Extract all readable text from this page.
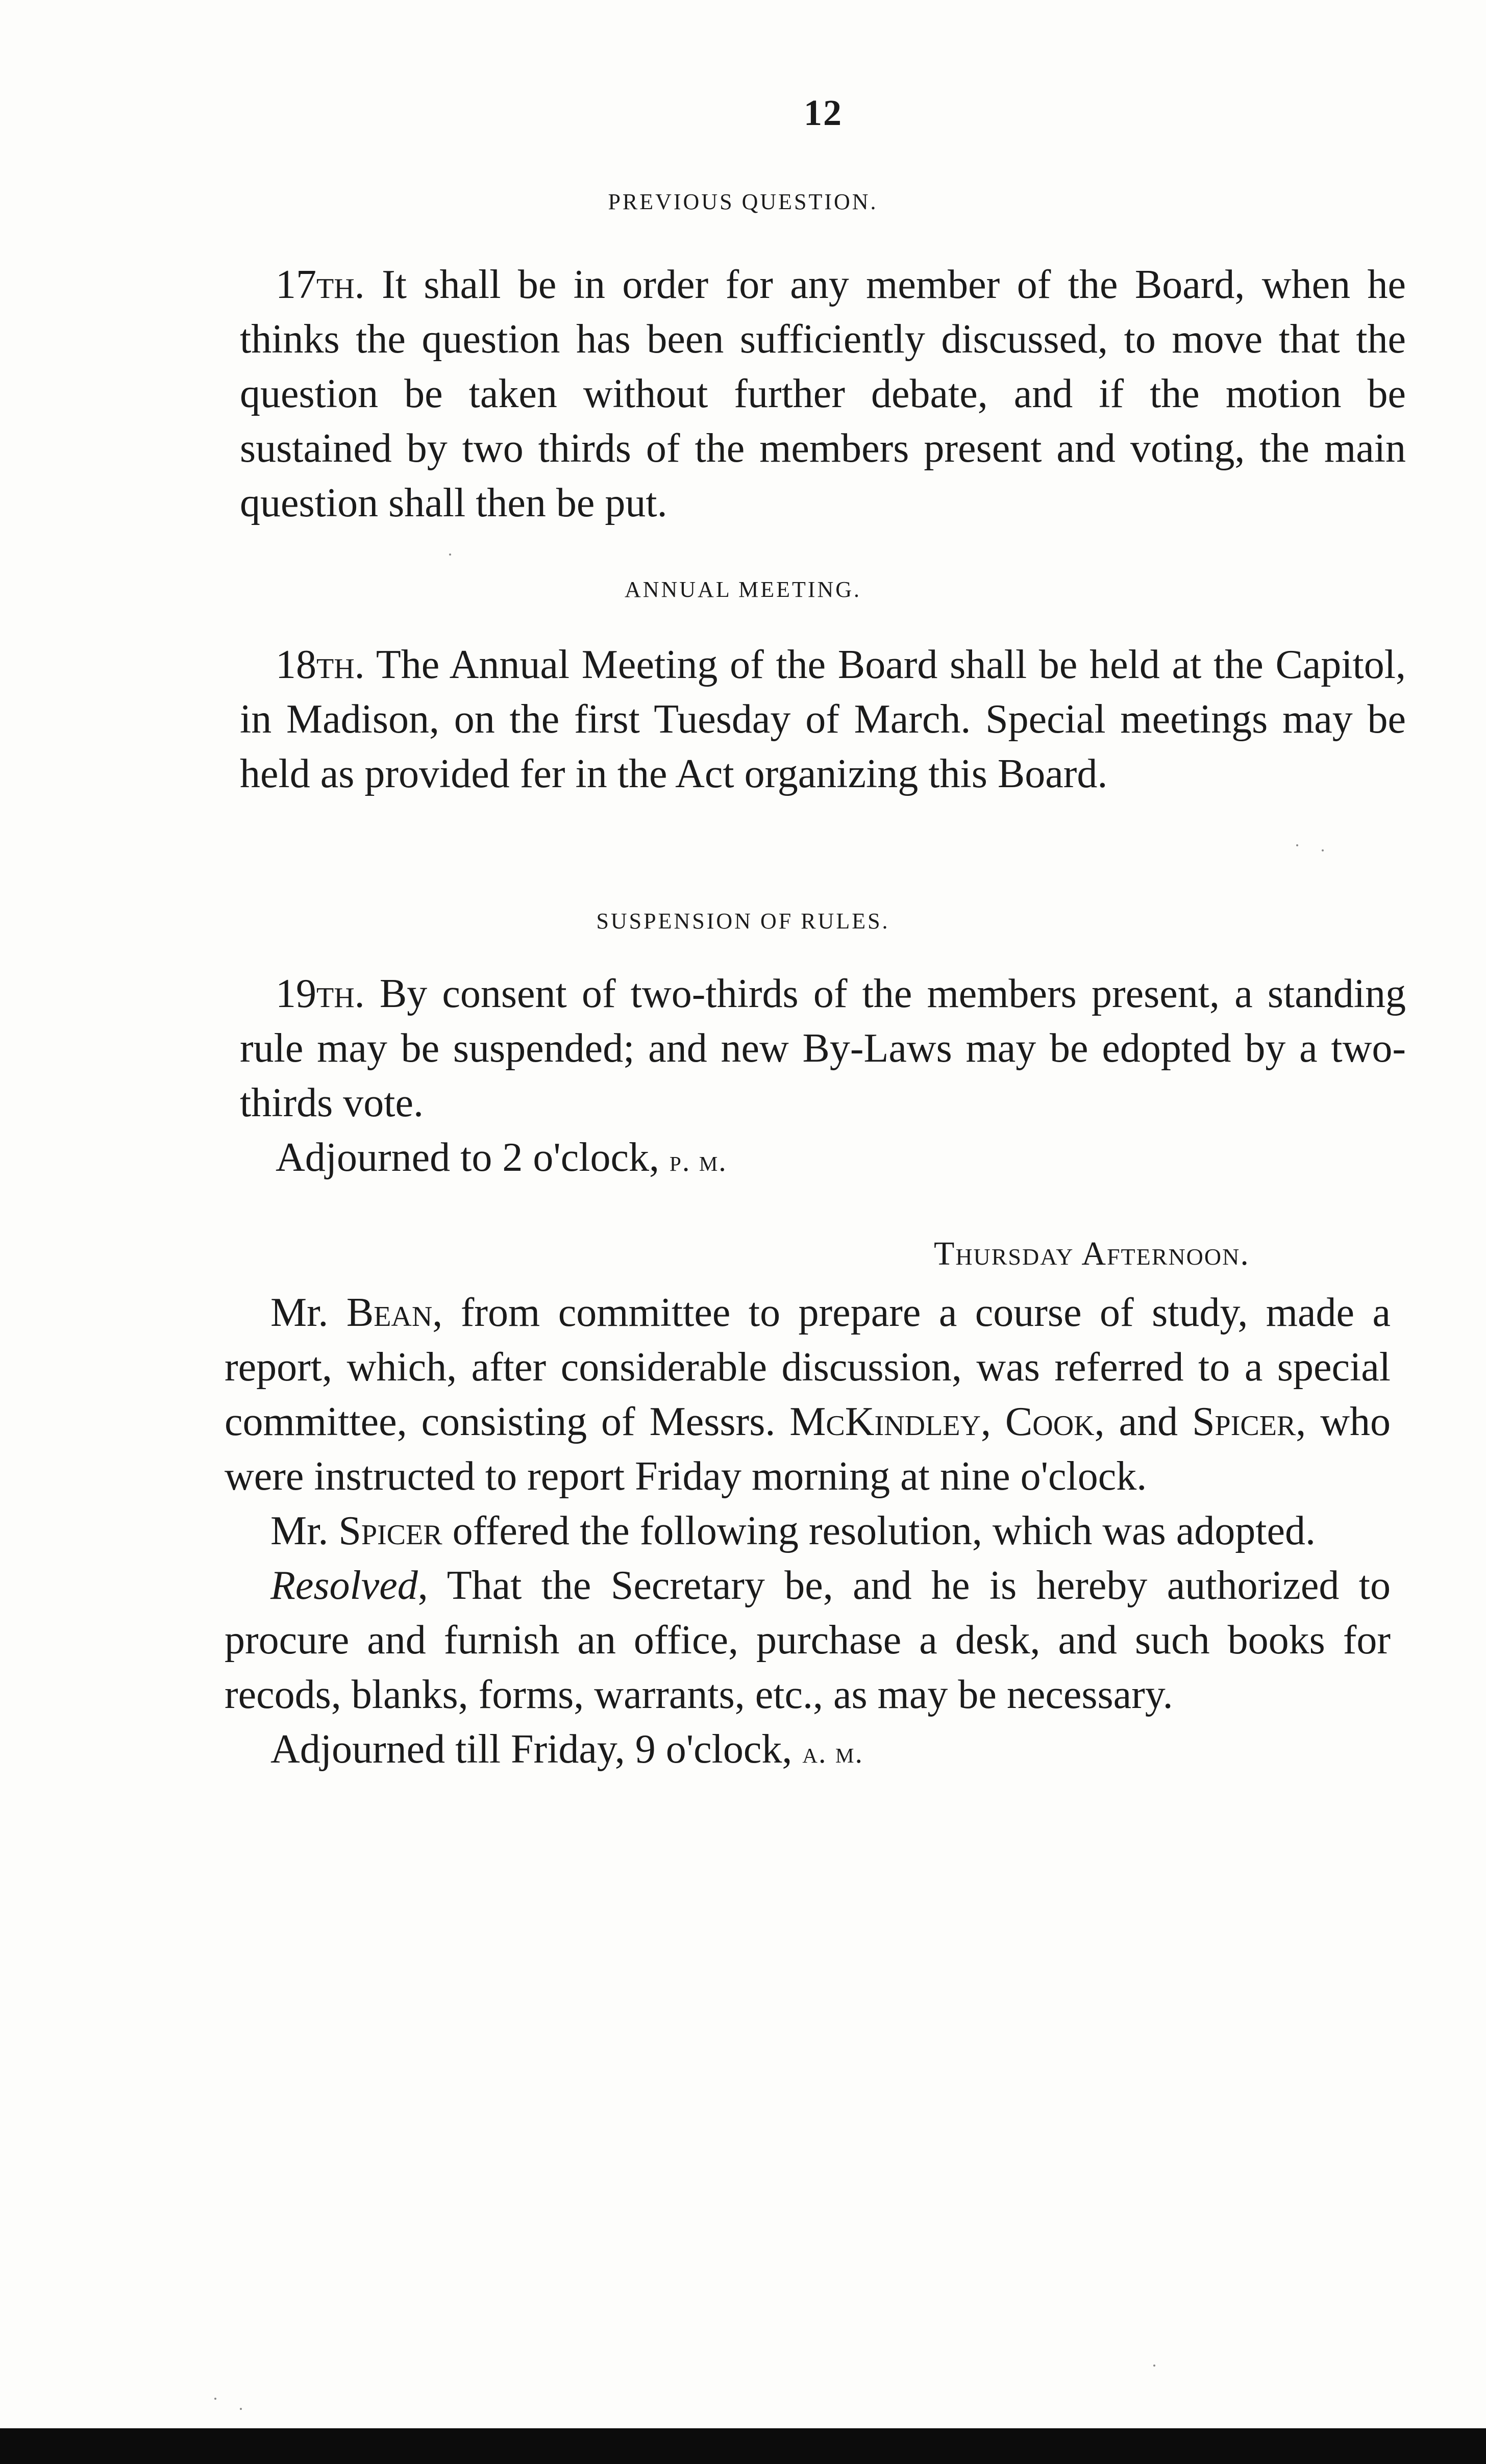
12
PREVIOUS QUESTION.

17th. It shall be in order for any member of the Board, when he thinks the question has been sufficiently discussed, to move that the question be taken without further debate, and if the motion be sustained by two thirds of the members present and voting, the main question shall then be put.

ANNUAL MEETING.

18th. The Annual Meeting of the Board shall be held at the Capitol, in Madison, on the first Tuesday of March. Special meetings may be held as provided fer in the Act organizing this Board.

SUSPENSION OF RULES.

19th. By consent of two-thirds of the members present, a standing rule may be suspended; and new By-Laws may be edopted by a two-thirds vote.

Adjourned to 2 o'clock, p. m.

Thursday Afternoon.

Mr. Bean, from committee to prepare a course of study, made a report, which, after considerable discussion, was referred to a special committee, consisting of Messrs. McKindley, Cook, and Spicer, who were instructed to report Friday morning at nine o'clock.

Mr. Spicer offered the following resolution, which was adopted.

Resolved, That the Secretary be, and he is hereby authorized to procure and furnish an office, purchase a desk, and such books for recods, blanks, forms, warrants, etc., as may be necessary.

Adjourned till Friday, 9 o'clock, a. m.
